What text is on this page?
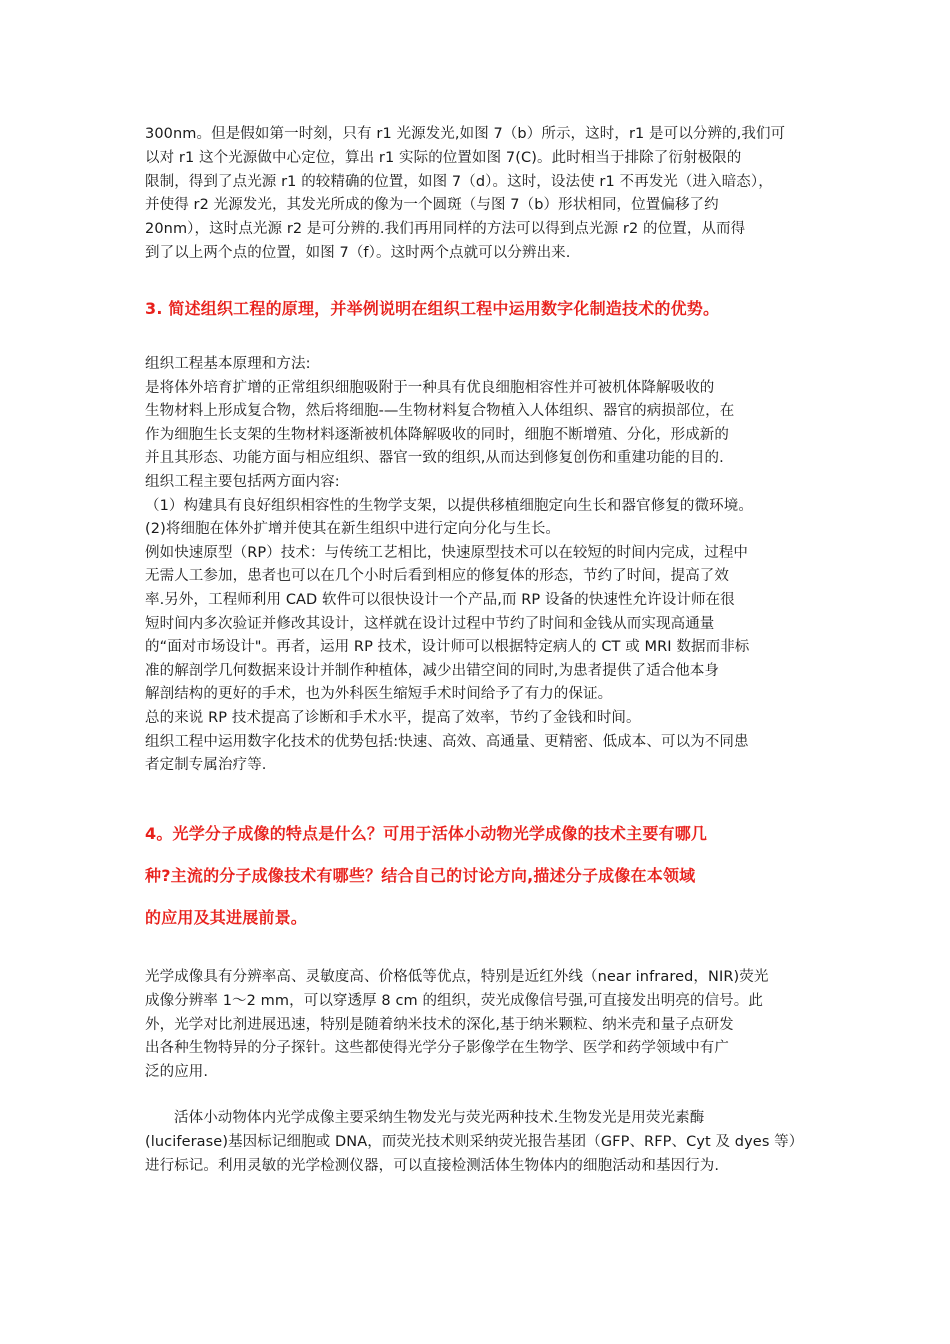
300nm。但是假如第一时刻，只有 r1 光源发光,如图 7（b）所示，这时，r1 是可以分辨的,我们可
以对 r1 这个光源做中心定位，算出 r1 实际的位置如图 7(C)。此时相当于排除了衍射极限的
限制，得到了点光源 r1 的较精确的位置，如图 7（d）。这时，设法使 r1 不再发光（进入暗态），
并使得 r2 光源发光，其发光所成的像为一个圆斑（与图 7（b）形状相同，位置偏移了约
20nm），这时点光源 r2 是可分辨的.我们再用同样的方法可以得到点光源 r2 的位置，从而得
到了以上两个点的位置，如图 7（f）。这时两个点就可以分辨出来.
3. 简述组织工程的原理，并举例说明在组织工程中运用数字化制造技术的优势。
组织工程基本原理和方法:
是将体外培育扩增的正常组织细胞吸附于一种具有优良细胞相容性并可被机体降解吸收的
生物材料上形成复合物，然后将细胞-—生物材料复合物植入人体组织、器官的病损部位，在
作为细胞生长支架的生物材料逐渐被机体降解吸收的同时，细胞不断增殖、分化，形成新的
并且其形态、功能方面与相应组织、器官一致的组织,从而达到修复创伤和重建功能的目的.
组织工程主要包括两方面内容:
（1）构建具有良好组织相容性的生物学支架，以提供移植细胞定向生长和器官修复的微环境。
(2)将细胞在体外扩增并使其在新生组织中进行定向分化与生长。
例如快速原型（RP）技术：与传统工艺相比，快速原型技术可以在较短的时间内完成，过程中
无需人工参加，患者也可以在几个小时后看到相应的修复体的形态，节约了时间，提高了效
率.另外，工程师利用 CAD 软件可以很快设计一个产品,而 RP 设备的快速性允许设计师在很
短时间内多次验证并修改其设计，这样就在设计过程中节约了时间和金钱从而实现高通量
的“面对市场设计"。再者，运用 RP 技术，设计师可以根据特定病人的 CT 或 MRI 数据而非标
准的解剖学几何数据来设计并制作种植体，减少出错空间的同时,为患者提供了适合他本身
解剖结构的更好的手术，也为外科医生缩短手术时间给予了有力的保证。
总的来说 RP 技术提高了诊断和手术水平，提高了效率，节约了金钱和时间。
组织工程中运用数字化技术的优势包括:快速、高效、高通量、更精密、低成本、可以为不同患
者定制专属治疗等.
4。光学分子成像的特点是什么？可用于活体小动物光学成像的技术主要有哪几
种?主流的分子成像技术有哪些？结合自己的讨论方向,描述分子成像在本领域
的应用及其进展前景。
光学成像具有分辨率高、灵敏度高、价格低等优点，特别是近红外线（near infrared，NIR)荧光
成像分辨率 1～2 mm，可以穿透厚 8 cm 的组织，荧光成像信号强,可直接发出明亮的信号。此
外，光学对比剂进展迅速，特别是随着纳米技术的深化,基于纳米颗粒、纳米壳和量子点研发
出各种生物特异的分子探针。这些都使得光学分子影像学在生物学、医学和药学领域中有广
泛的应用.
活体小动物体内光学成像主要采纳生物发光与荧光两种技术.生物发光是用荧光素酶
(luciferase)基因标记细胞或 DNA，而荧光技术则采纳荧光报告基团（GFP、RFP、Cyt 及 dyes 等）
进行标记。利用灵敏的光学检测仪器，可以直接检测活体生物体内的细胞活动和基因行为.
